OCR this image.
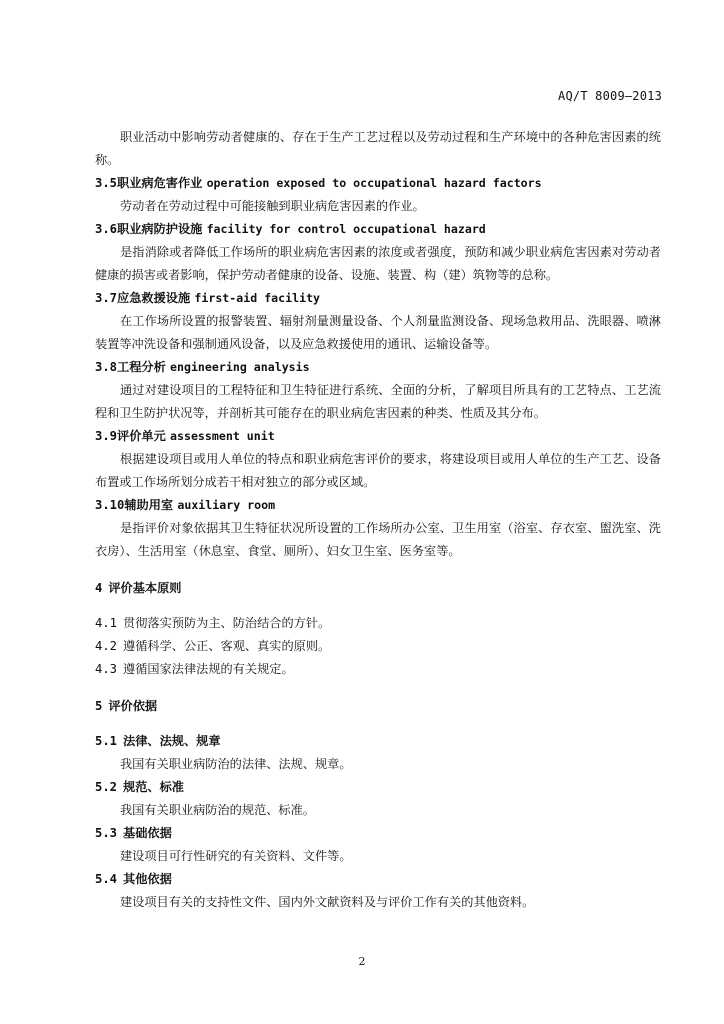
AQ/T 8009—2013

职业活动中影响劳动者健康的、存在于生产工艺过程以及劳动过程和生产环境中的各种危害因素的统称。

3.5职业病危害作业 operation exposed to occupational hazard factors

劳动者在劳动过程中可能接触到职业病危害因素的作业。

3.6职业病防护设施 facility for control occupational hazard

是指消除或者降低工作场所的职业病危害因素的浓度或者强度，预防和减少职业病危害因素对劳动者健康的损害或者影响，保护劳动者健康的设备、设施、装置、构（建）筑物等的总称。

3.7应急救援设施 first-aid facility

在工作场所设置的报警装置、辐射剂量测量设备、个人剂量监测设备、现场急救用品、洗眼器、喷淋装置等冲洗设备和强制通风设备，以及应急救援使用的通讯、运输设备等。

3.8工程分析 engineering analysis

通过对建设项目的工程特征和卫生特征进行系统、全面的分析，了解项目所具有的工艺特点、工艺流程和卫生防护状况等，并剖析其可能存在的职业病危害因素的种类、性质及其分布。

3.9评价单元 assessment unit

根据建设项目或用人单位的特点和职业病危害评价的要求，将建设项目或用人单位的生产工艺、设备布置或工作场所划分成若干相对独立的部分或区域。

3.10辅助用室 auxiliary room

是指评价对象依据其卫生特征状况所设置的工作场所办公室、卫生用室（浴室、存衣室、盥洗室、洗衣房）、生活用室（休息室、食堂、厕所）、妇女卫生室、医务室等。

4 评价基本原则

4.1 贯彻落实预防为主、防治结合的方针。

4.2 遵循科学、公正、客观、真实的原则。

4.3 遵循国家法律法规的有关规定。

5 评价依据

5.1 法律、法规、规章

我国有关职业病防治的法律、法规、规章。

5.2 规范、标准

我国有关职业病防治的规范、标准。

5.3 基础依据

建设项目可行性研究的有关资料、文件等。

5.4 其他依据

建设项目有关的支持性文件、国内外文献资料及与评价工作有关的其他资料。

2
